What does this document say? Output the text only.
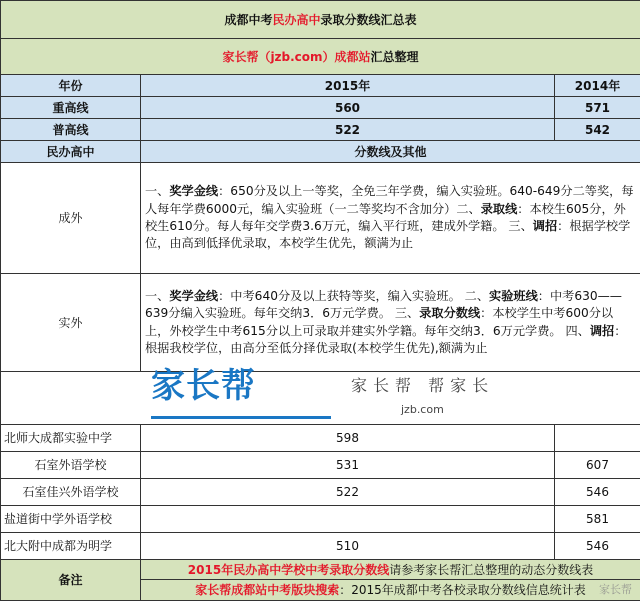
成都中考民办高中录取分数线汇总表		
家长帮（jzb.com）成都站汇总整理		
年份	2015年	2014年
重高线	560	571
普高线	522	542
民办高中	分数线及其他	
成外	一、奖学金线：650分及以上一等奖，全免三年学费，编入实验班。640-649分二等奖，每人每年学费6000元，编入实验班（一二等奖均不含加分）二、录取线：本校生605分，外校生610分。每人每年交学费3.6万元，编入平行班，建成外学籍。 三、调招：根据学校学位，由高到低择优录取，本校学生优先，额满为止	
实外	一、奖学金线：中考640分及以上获特等奖，编入实验班。 二、实验班线：中考630——639分编入实验班。每年交纳3．6万元学费。 三、录取分数线：本校学生中考600分以上，外校学生中考615分以上可录取并建实外学籍。每年交纳3．6万元学费。 四、调招：根据我校学位，由高分至低分择优录取(本校学生优先),额满为止	

家长帮 家长帮 帮家长
jzb.com		

北师大成都实验中学	598	
石室外语学校	531	607
石室佳兴外语学校	522	546
盐道街中学外语学校		581
北大附中成都为明学	510	546
备注	2015年民办高中学校中考录取分数线请参考家长帮汇总整理的动态分数线表	
	家长帮成都站中考版块搜索：2015年成都中考各校录取分数线信息统计表 家长帮	
